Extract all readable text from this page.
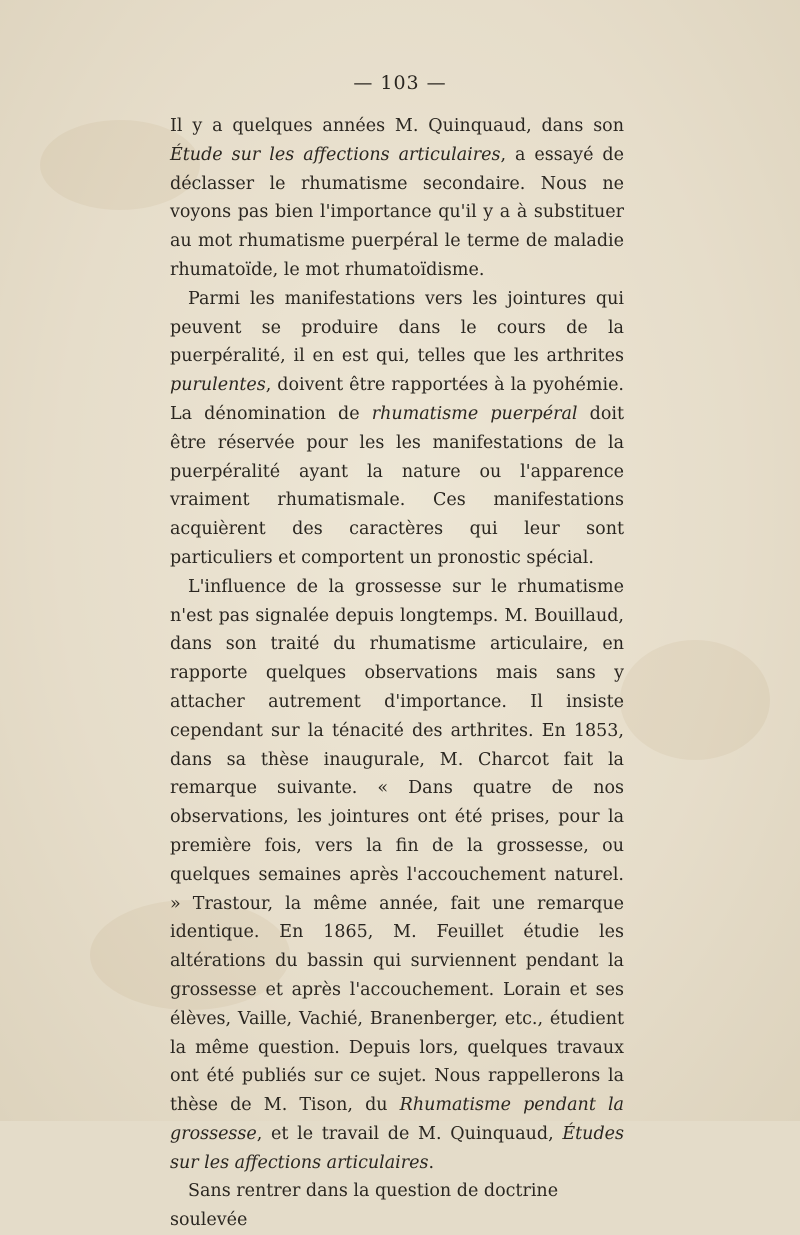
— 103 —

Il y a quelques années M. Quinquaud, dans son Étude sur les affections articulaires, a essayé de déclasser le rhumatisme secondaire. Nous ne voyons pas bien l'importance qu'il y a à substituer au mot rhumatisme puerpéral le terme de maladie rhumatoïde, le mot rhumatoïdisme.

Parmi les manifestations vers les jointures qui peuvent se produire dans le cours de la puerpéralité, il en est qui, telles que les arthrites purulentes, doivent être rapportées à la pyohémie. La dénomination de rhumatisme puerpéral doit être réservée pour les les manifestations de la puerpéralité ayant la nature ou l'apparence vraiment rhumatismale. Ces manifestations acquièrent des caractères qui leur sont particuliers et comportent un pronostic spécial.

L'influence de la grossesse sur le rhumatisme n'est pas signalée depuis longtemps. M. Bouillaud, dans son traité du rhumatisme articulaire, en rapporte quelques observations mais sans y attacher autrement d'importance. Il insiste cependant sur la ténacité des arthrites. En 1853, dans sa thèse inaugurale, M. Charcot fait la remarque suivante. « Dans quatre de nos observations, les jointures ont été prises, pour la première fois, vers la fin de la grossesse, ou quelques semaines après l'accouchement naturel. » Trastour, la même année, fait une remarque identique. En 1865, M. Feuillet étudie les altérations du bassin qui surviennent pendant la grossesse et après l'accouchement. Lorain et ses élèves, Vaille, Vachié, Branenberger, etc., étudient la même question. Depuis lors, quelques travaux ont été publiés sur ce sujet. Nous rappellerons la thèse de M. Tison, du Rhumatisme pendant la grossesse, et le travail de M. Quinquaud, Études sur les affections articulaires.

Sans rentrer dans la question de doctrine soulevée
